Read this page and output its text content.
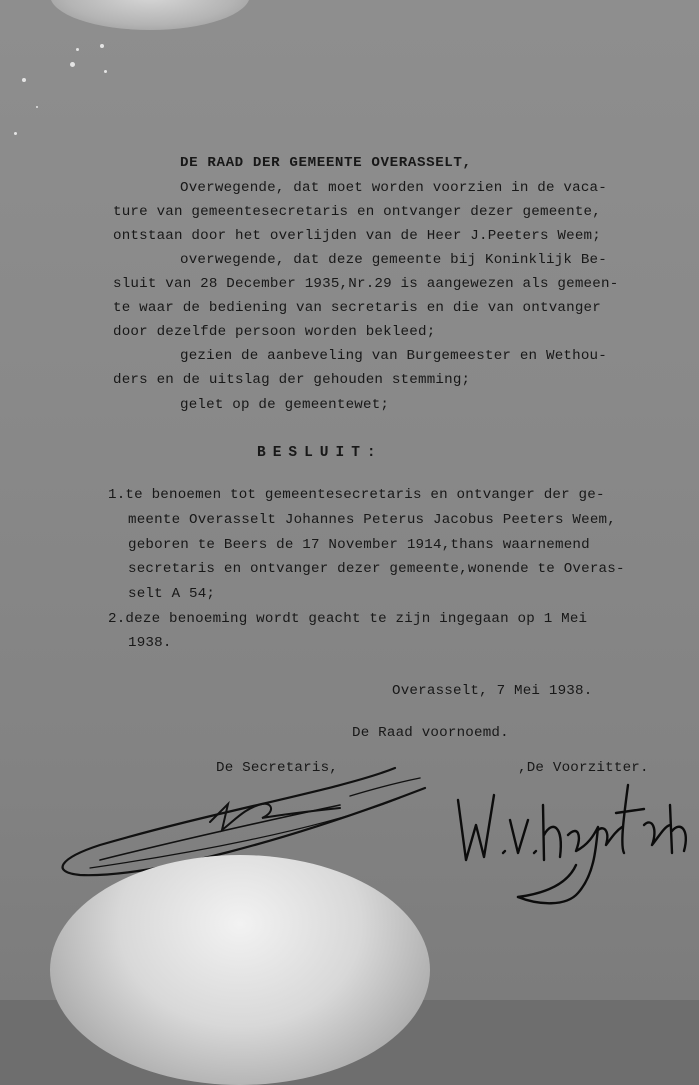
DE RAAD DER GEMEENTE OVERASSELT,
Overwegende, dat moet worden voorzien in de vaca-
ture van gemeentesecretaris en ontvanger dezer gemeente,
ontstaan door het overlijden van de Heer J.Peeters Weem;
overwegende, dat deze gemeente bij Koninklijk Be-
sluit van 28 December 1935,Nr.29 is aangewezen als gemeen-
te waar de bediening van secretaris en die van ontvanger
door dezelfde persoon worden bekleed;
gezien de aanbeveling van Burgemeester en Wethou-
ders en de uitslag der gehouden stemming;
gelet op de gemeentewet;
BESLUIT:
1.te benoemen tot gemeentesecretaris en ontvanger der ge-
meente Overasselt Johannes Peterus Jacobus Peeters Weem,
geboren te Beers de 17 November 1914,thans waarnemend
secretaris en ontvanger dezer gemeente,wonende te Overas-
selt A 54;
2.deze benoeming wordt geacht te zijn ingegaan op 1 Mei
1938.
Overasselt, 7 Mei 1938.
De Raad voornoemd.
De Secretaris,	,De Voorzitter.
